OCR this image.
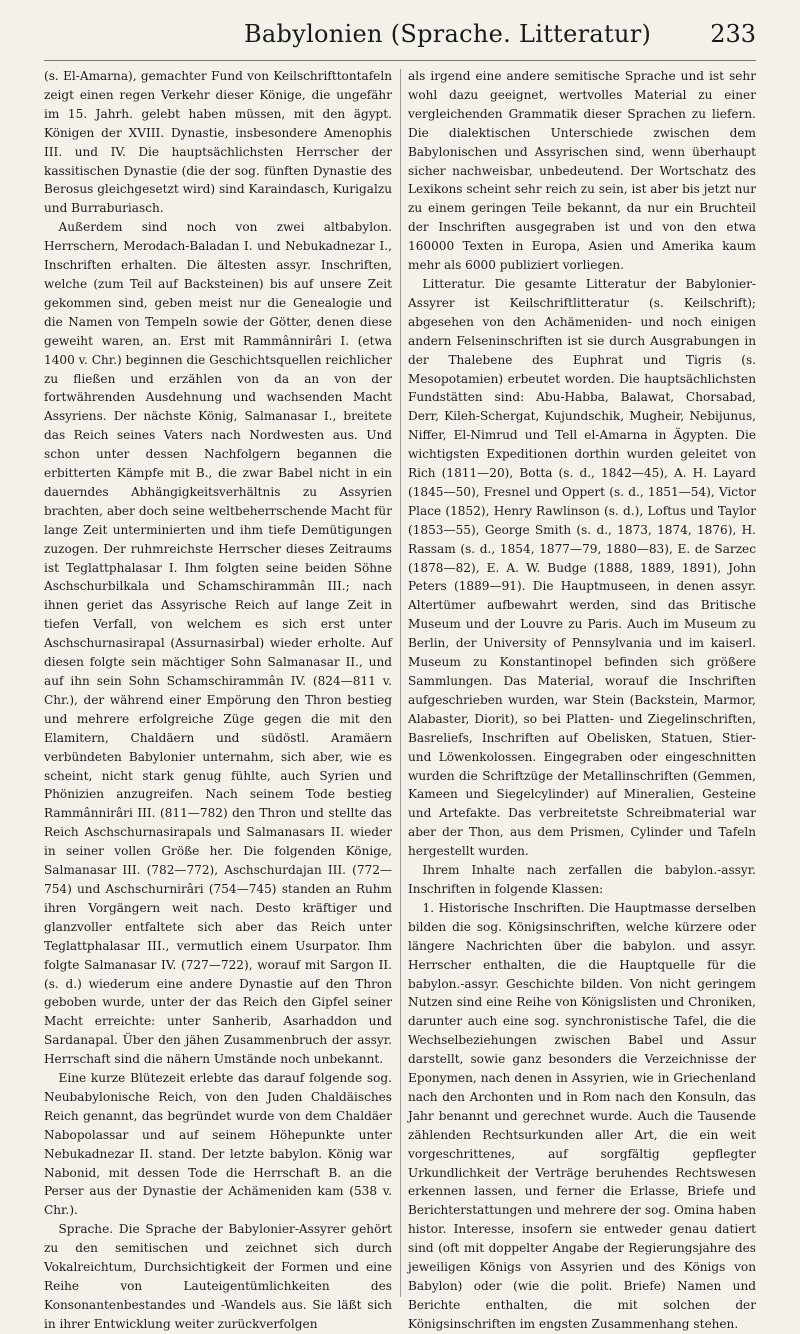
Babylonien (Sprache. Litteratur) 233

(s. El-Amarna), gemachter Fund von Keilschrifttontafeln zeigt einen regen Verkehr dieser Könige, die ungefähr im 15. Jahrh. gelebt haben müssen, mit den ägypt. Königen der XVIII. Dynastie, insbesondere Amenophis III. und IV. Die hauptsächlichsten Herrscher der kassitischen Dynastie (die der sog. fünften Dynastie des Berosus gleichgesetzt wird) sind Karaindasch, Kurigalzu und Burraburiasch.

Außerdem sind noch von zwei altbabylon. Herrschern, Merodach-Baladan I. und Nebukadnezar I., Inschriften erhalten. Die ältesten assyr. Inschriften, welche (zum Teil auf Backsteinen) bis auf unsere Zeit gekommen sind, geben meist nur die Genealogie und die Namen von Tempeln sowie der Götter, denen diese geweiht waren, an. Erst mit Rammânnirâri I. (etwa 1400 v. Chr.) beginnen die Geschichtsquellen reichlicher zu fließen und erzählen von da an von der fortwährenden Ausdehnung und wachsenden Macht Assyriens. Der nächste König, Salmanasar I., breitete das Reich seines Vaters nach Nordwesten aus. Und schon unter dessen Nachfolgern begannen die erbitterten Kämpfe mit B., die zwar Babel nicht in ein dauerndes Abhängigkeitsverhältnis zu Assyrien brachten, aber doch seine weltbeherrschende Macht für lange Zeit unterminierten und ihm tiefe Demütigungen zuzogen. Der ruhmreichste Herrscher dieses Zeitraums ist Teglattphalasar I. Ihm folgten seine beiden Söhne Aschschurbilkala und Schamschirammân III.; nach ihnen geriet das Assyrische Reich auf lange Zeit in tiefen Verfall, von welchem es sich erst unter Aschschurnasirapal (Assurnasirbal) wieder erholte. Auf diesen folgte sein mächtiger Sohn Salmanasar II., und auf ihn sein Sohn Schamschirammân IV. (824—811 v. Chr.), der während einer Empörung den Thron bestieg und mehrere erfolgreiche Züge gegen die mit den Elamitern, Chaldäern und südöstl. Aramäern verbündeten Babylonier unternahm, sich aber, wie es scheint, nicht stark genug fühlte, auch Syrien und Phönizien anzugreifen. Nach seinem Tode bestieg Rammânnirâri III. (811—782) den Thron und stellte das Reich Aschschurnasirapals und Salmanasars II. wieder in seiner vollen Größe her. Die folgenden Könige, Salmanasar III. (782—772), Aschschurdajan III. (772—754) und Aschschurnirâri (754—745) standen an Ruhm ihren Vorgängern weit nach. Desto kräftiger und glanzvoller entfaltete sich aber das Reich unter Teglattphalasar III., vermutlich einem Usurpator. Ihm folgte Salmanasar IV. (727—722), worauf mit Sargon II. (s. d.) wiederum eine andere Dynastie auf den Thron geboben wurde, unter der das Reich den Gipfel seiner Macht erreichte: unter Sanherib, Asarhaddon und Sardanapal. Über den jähen Zusammenbruch der assyr. Herrschaft sind die nähern Umstände noch unbekannt.

Eine kurze Blütezeit erlebte das darauf folgende sog. Neubabylonische Reich, von den Juden Chaldäisches Reich genannt, das begründet wurde von dem Chaldäer Nabopolassar und auf seinem Höhepunkte unter Nebukadnezar II. stand. Der letzte babylon. König war Nabonid, mit dessen Tode die Herrschaft B. an die Perser aus der Dynastie der Achämeniden kam (538 v. Chr.).

Sprache. Die Sprache der Babylonier-Assyrer gehört zu den semitischen und zeichnet sich durch Vokalreichtum, Durchsichtigkeit der Formen und eine Reihe von Lauteigentümlichkeiten des Konsonantenbestandes und -Wandels aus. Sie läßt sich in ihrer Entwicklung weiter zurückverfolgen

als irgend eine andere semitische Sprache und ist sehr wohl dazu geeignet, wertvolles Material zu einer vergleichenden Grammatik dieser Sprachen zu liefern. Die dialektischen Unterschiede zwischen dem Babylonischen und Assyrischen sind, wenn überhaupt sicher nachweisbar, unbedeutend. Der Wortschatz des Lexikons scheint sehr reich zu sein, ist aber bis jetzt nur zu einem geringen Teile bekannt, da nur ein Bruchteil der Inschriften ausgegraben ist und von den etwa 160000 Texten in Europa, Asien und Amerika kaum mehr als 6000 publiziert vorliegen.

Litteratur. Die gesamte Litteratur der Babylonier-Assyrer ist Keilschriftlitteratur (s. Keilschrift); abgesehen von den Achämeniden- und noch einigen andern Felseninschriften ist sie durch Ausgrabungen in der Thalebene des Euphrat und Tigris (s. Mesopotamien) erbeutet worden. Die hauptsächlichsten Fundstätten sind: Abu-Habba, Balawat, Chorsabad, Derr, Kileh-Schergat, Kujundschik, Mugheir, Nebijunus, Niffer, El-Nimrud und Tell el-Amarna in Ägypten. Die wichtigsten Expeditionen dorthin wurden geleitet von Rich (1811—20), Botta (s. d., 1842—45), A. H. Layard (1845—50), Fresnel und Oppert (s. d., 1851—54), Victor Place (1852), Henry Rawlinson (s. d.), Loftus und Taylor (1853—55), George Smith (s. d., 1873, 1874, 1876), H. Rassam (s. d., 1854, 1877—79, 1880—83), E. de Sarzec (1878—82), E. A. W. Budge (1888, 1889, 1891), John Peters (1889—91). Die Hauptmuseen, in denen assyr. Altertümer aufbewahrt werden, sind das Britische Museum und der Louvre zu Paris. Auch im Museum zu Berlin, der University of Pennsylvania und im kaiserl. Museum zu Konstantinopel befinden sich größere Sammlungen. Das Material, worauf die Inschriften aufgeschrieben wurden, war Stein (Backstein, Marmor, Alabaster, Diorit), so bei Platten- und Ziegelinschriften, Basreliefs, Inschriften auf Obelisken, Statuen, Stier- und Löwenkolossen. Eingegraben oder eingeschnitten wurden die Schriftzüge der Metallinschriften (Gemmen, Kameen und Siegelcylinder) auf Mineralien, Gesteine und Artefakte. Das verbreitetste Schreibmaterial war aber der Thon, aus dem Prismen, Cylinder und Tafeln hergestellt wurden.

Ihrem Inhalte nach zerfallen die babylon.-assyr. Inschriften in folgende Klassen:

1. Historische Inschriften. Die Hauptmasse derselben bilden die sog. Königsinschriften, welche kürzere oder längere Nachrichten über die babylon. und assyr. Herrscher enthalten, die die Hauptquelle für die babylon.-assyr. Geschichte bilden. Von nicht geringem Nutzen sind eine Reihe von Königslisten und Chroniken, darunter auch eine sog. synchronistische Tafel, die die Wechselbeziehungen zwischen Babel und Assur darstellt, sowie ganz besonders die Verzeichnisse der Eponymen, nach denen in Assyrien, wie in Griechenland nach den Archonten und in Rom nach den Konsuln, das Jahr benannt und gerechnet wurde. Auch die Tausende zählenden Rechtsurkunden aller Art, die ein weit vorgeschrittenes, auf sorgfältig gepflegter Urkundlichkeit der Verträge beruhendes Rechtswesen erkennen lassen, und ferner die Erlasse, Briefe und Berichterstattungen und mehrere der sog. Omina haben histor. Interesse, insofern sie entweder genau datiert sind (oft mit doppelter Angabe der Regierungsjahre des jeweiligen Königs von Assyrien und des Königs von Babylon) oder (wie die polit. Briefe) Namen und Berichte enthalten, die mit solchen der Königsinschriften im engsten Zusammenhang stehen.
